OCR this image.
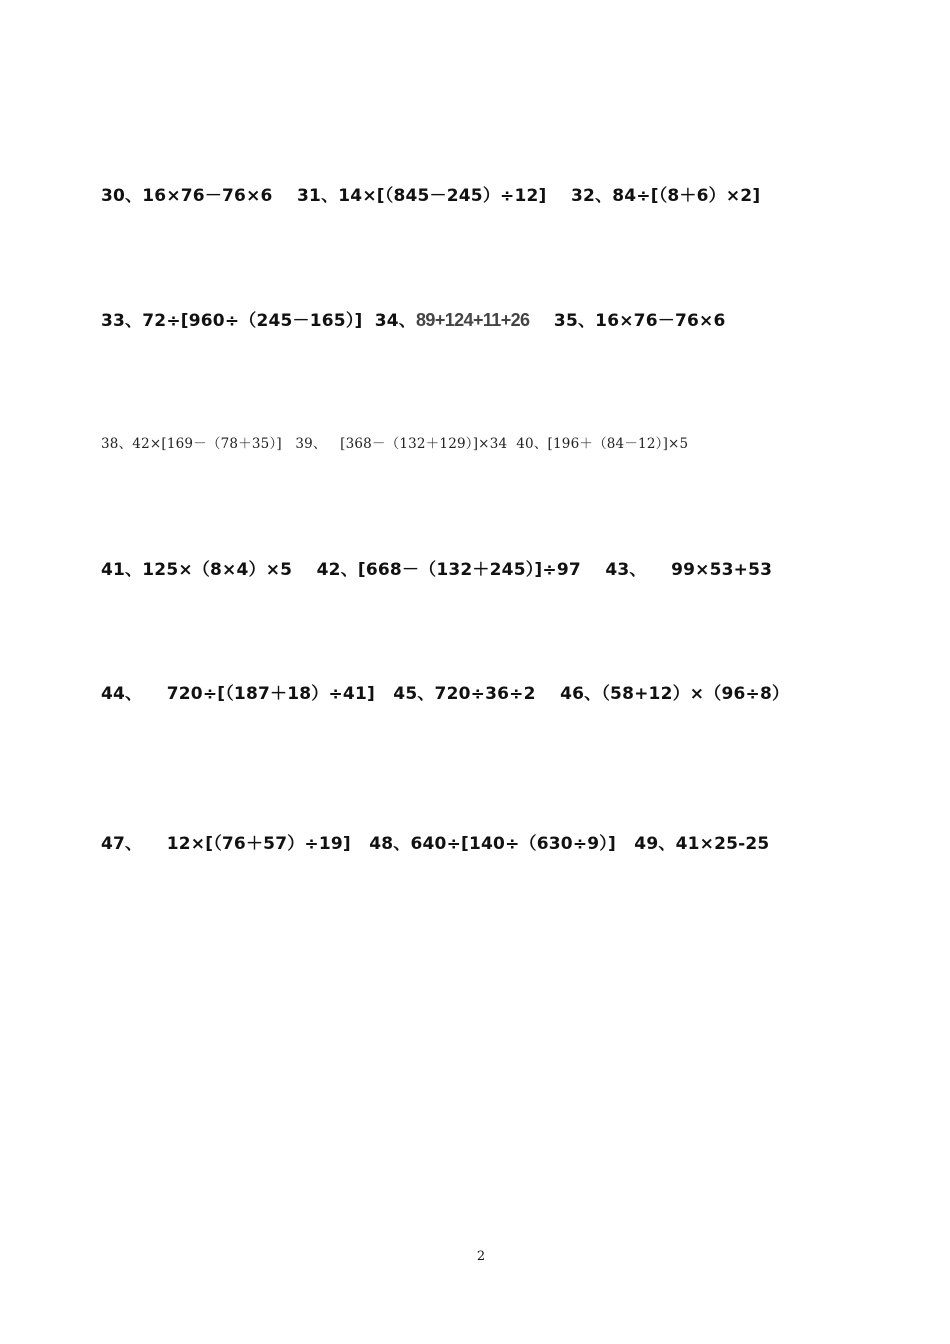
30、16×76－76×6    31、14×[（845－245）÷12]    32、84÷[（8＋6）×2]
33、72÷[960÷（245－165）]  34、89+124+11+26    35、16×76－76×6
38、42×[169－（78＋35）]   39、   [368－（132＋129）]×34  40、[196＋（84－12）]×5
41、125×（8×4）×5    42、[668－（132＋245）]÷97    43、    99×53+53
44、    720÷[（187＋18）÷41]   45、720÷36÷2    46、（58+12）×（96÷8）
47、    12×[（76＋57）÷19]   48、640÷[140÷（630÷9）]   49、41×25-25
2
